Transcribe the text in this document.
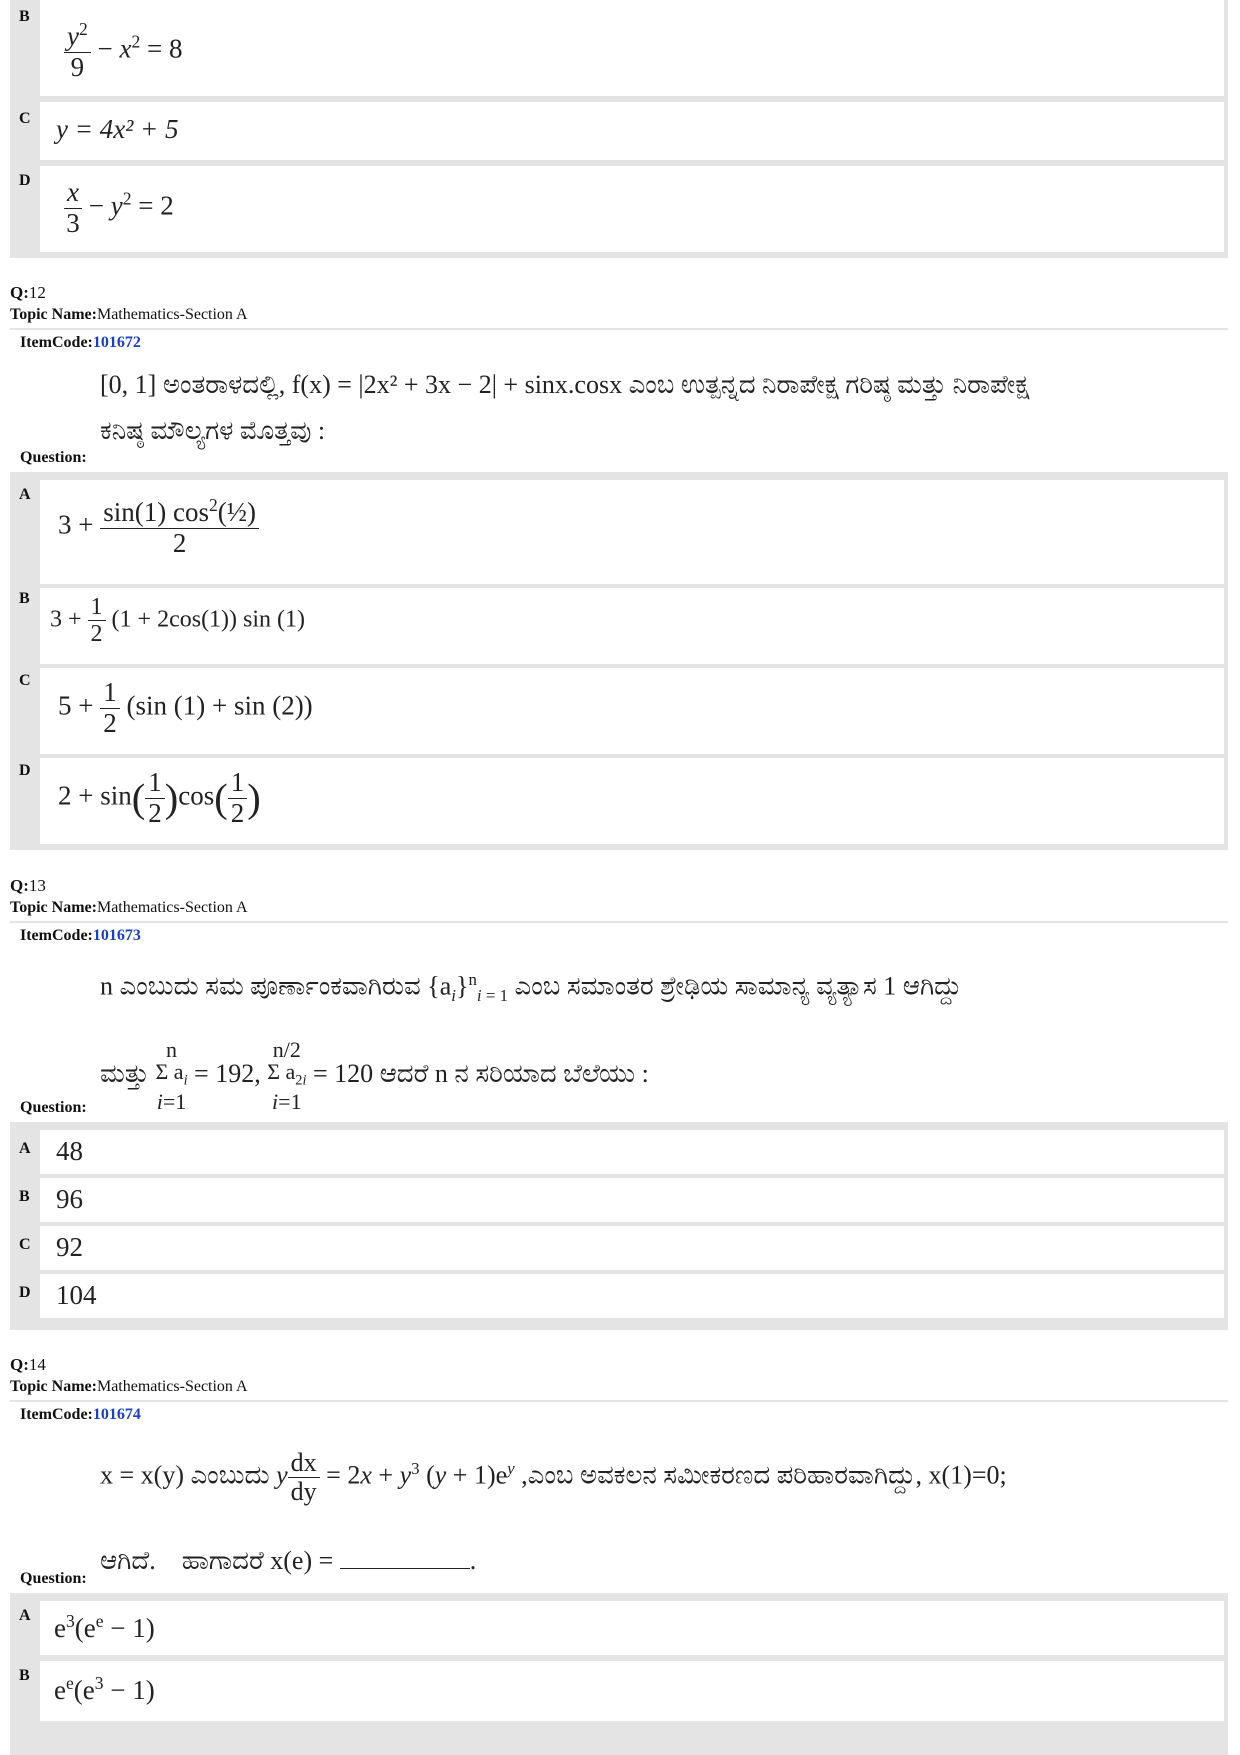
B
$\frac{y^2}{9} - x^2 = 8$
C y = 4x² + 5
D $\frac{x}{3} - y^2 = 2$
Q:12
Topic Name:Mathematics-Section A
ItemCode:101672
[0, 1] ಅಂತರಾಳದಲ್ಲಿ, f(x) = |2x² + 3x − 2| + sinx.cosx ಎಂಬ ಉತ್ಪನ್ನದ ನಿರಾಪೇಕ್ಷ ಗರಿಷ್ಠ ಮತ್ತು ನಿರಾಪೇಕ್ಷ
ಕನಿಷ್ಠ ಮೌಲ್ಯಗಳ ಮೊತ್ತವು :
Question:
A
$3 + \frac{\sin(1) \cos^2(\frac{1}{2})}{2}$
B
$3 + \frac{1}{2} (1 + 2\cos(1))$ sin (1)
C
$5 + \frac{1}{2} (\sin$ (1) + sin (2))
D
$2 + \sin( \frac{1}{2} )\cos( \frac{1}{2}$ )
Q:13
Topic Name:Mathematics-Section A
ItemCode:101673
n ಎಂಬುದು ಸಮ ಪೂರ್ಣಾಂಕವಾಗಿರುವ $\{a_i\}^n_{i = 1}$ ಎಂಬ ಸಮಾಂತರ ಶ್ರೇಢಿಯ ಸಾಮಾನ್ಯ ವ್ಯತ್ಯಾಸ 1 ಆಗಿದ್ದು
ಮತ್ತು n
Σ $a_i$
i=1 = 192, n/2
Σ $a_{2i}$
i=1 = 120 ಆದರೆ n ನ ಸರಿಯಾದ ಬೆಲೆಯು :
Question:
A 48
B 96
C 92
D 104
Q:14
Topic Name:Mathematics-Section A
ItemCode:101674
x = x(y) ಎಂಬುದು y $\frac{dx}{dy} = 2x + y^3$ $(y + 1)e^y$ ,ಎಂಬ ಅವಕಲನ ಸಮೀಕರಣದ ಪರಿಹಾರವಾಗಿದ್ದು, x(1)=0;
ಆಗಿದೆ. ಹಾಗಾದರೆ x(e) =	.
Question:
A $e^3(e^e - 1)$
B $e^e(e^3 - 1)$
